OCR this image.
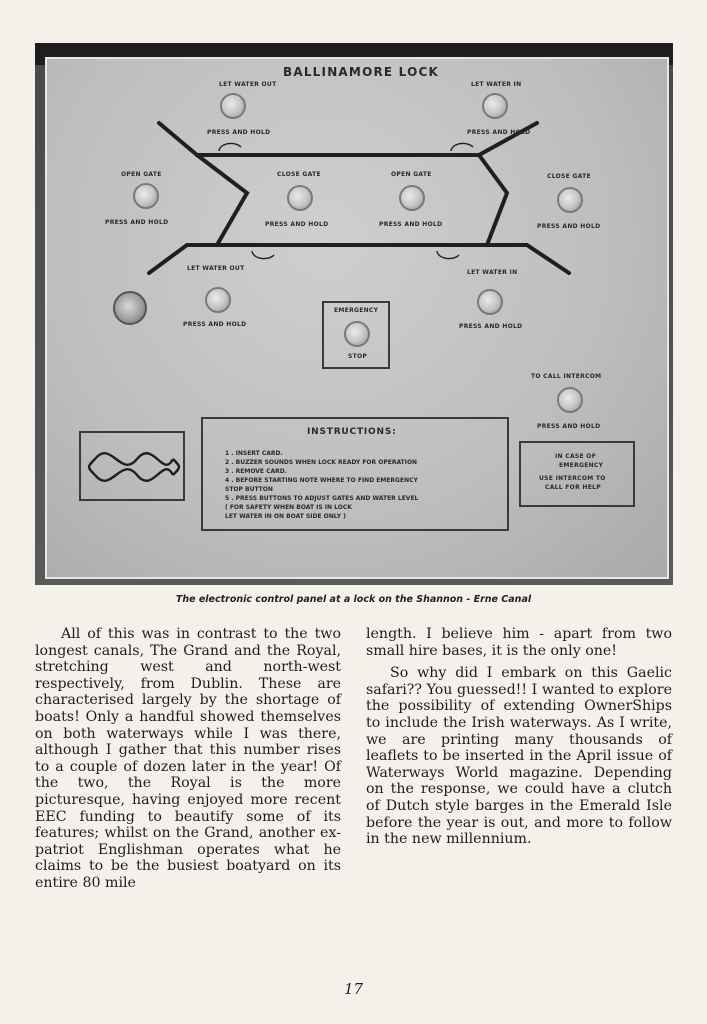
BALLINAMORE LOCK
LET WATER OUT
PRESS AND HOLD
LET WATER IN
PRESS AND HOLD
OPEN GATE
PRESS AND HOLD
CLOSE GATE
PRESS AND HOLD
OPEN GATE
PRESS AND HOLD
CLOSE GATE
PRESS AND HOLD
LET WATER OUT
PRESS AND HOLD
LET WATER IN
PRESS AND HOLD
EMERGENCY
STOP
TO CALL INTERCOM
PRESS AND HOLD
INSTRUCTIONS:
1 . INSERT CARD.
2 . BUZZER SOUNDS WHEN LOCK READY FOR OPERATION
3 . REMOVE CARD.
4 . BEFORE STARTING NOTE WHERE TO FIND EMERGENCY
STOP BUTTON
5 . PRESS BUTTONS TO ADJUST GATES AND WATER LEVEL
( FOR SAFETY WHEN BOAT IS IN LOCK
LET WATER IN ON BOAT SIDE ONLY )
IN CASE OF
EMERGENCY
USE INTERCOM TO
CALL FOR HELP
The electronic control panel at a lock on the Shannon - Erne Canal

All of this was in contrast to the two longest canals, The Grand and the Royal, stretching west and north-west respectively, from Dublin. These are characterised largely by the shortage of boats! Only a handful showed themselves on both waterways while I was there, although I gather that this number rises to a couple of dozen later in the year! Of the two, the Royal is the more picturesque, having enjoyed more recent EEC funding to beautify some of its features; whilst on the Grand, another ex-patriot Englishman operates what he claims to be the busiest boatyard on its entire 80 mile

length. I believe him - apart from two small hire bases, it is the only one!

So why did I embark on this Gaelic safari?? You guessed!! I wanted to explore the possibility of extending OwnerShips to include the Irish waterways. As I write, we are printing many thousands of leaflets to be inserted in the April issue of Waterways World magazine. Depending on the response, we could have a clutch of Dutch style barges in the Emerald Isle before the year is out, and more to follow in the new millennium.

17
